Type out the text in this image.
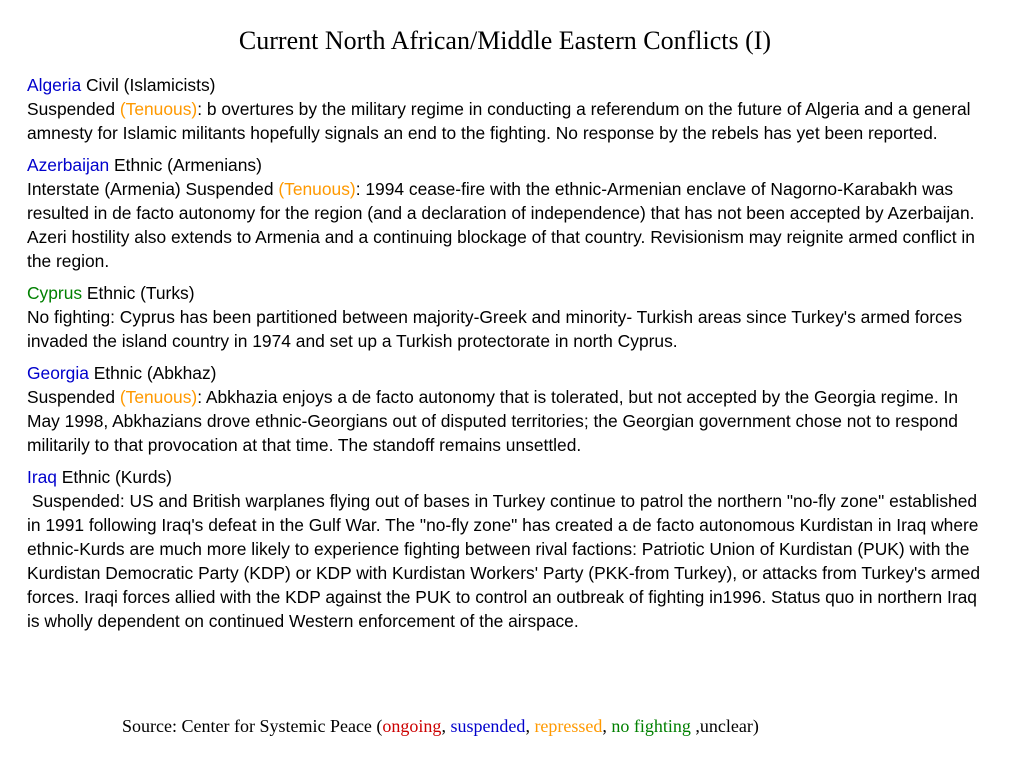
Current North African/Middle Eastern Conflicts (I)
Algeria Civil (Islamicists)
Suspended (Tenuous): b overtures by the military regime in conducting a referendum on the future of Algeria and a general amnesty for Islamic militants hopefully signals an end to the fighting. No response by the rebels has yet been reported.
Azerbaijan Ethnic (Armenians)
Interstate (Armenia) Suspended (Tenuous): 1994 cease-fire with the ethnic-Armenian enclave of Nagorno-Karabakh was resulted in de facto autonomy for the region (and a declaration of independence) that has not been accepted by Azerbaijan. Azeri hostility also extends to Armenia and a continuing blockage of that country. Revisionism may reignite armed conflict in the region.
Cyprus Ethnic (Turks)
No fighting: Cyprus has been partitioned between majority-Greek and minority- Turkish areas since Turkey's armed forces invaded the island country in 1974 and set up a Turkish protectorate in north Cyprus.
Georgia Ethnic (Abkhaz)
Suspended (Tenuous): Abkhazia enjoys a de facto autonomy that is tolerated, but not accepted by the Georgia regime. In May 1998, Abkhazians drove ethnic-Georgians out of disputed territories; the Georgian government chose not to respond militarily to that provocation at that time. The standoff remains unsettled.
Iraq Ethnic (Kurds)
Suspended: US and British warplanes flying out of bases in Turkey continue to patrol the northern "no-fly zone" established in 1991 following Iraq's defeat in the Gulf War. The "no-fly zone" has created a de facto autonomous Kurdistan in Iraq where ethnic-Kurds are much more likely to experience fighting between rival factions: Patriotic Union of Kurdistan (PUK) with the Kurdistan Democratic Party (KDP) or KDP with Kurdistan Workers' Party (PKK-from Turkey), or attacks from Turkey's armed forces. Iraqi forces allied with the KDP against the PUK to control an outbreak of fighting in1996. Status quo in northern Iraq is wholly dependent on continued Western enforcement of the airspace.
Source: Center for Systemic Peace (ongoing, suspended, repressed, no fighting ,unclear)
